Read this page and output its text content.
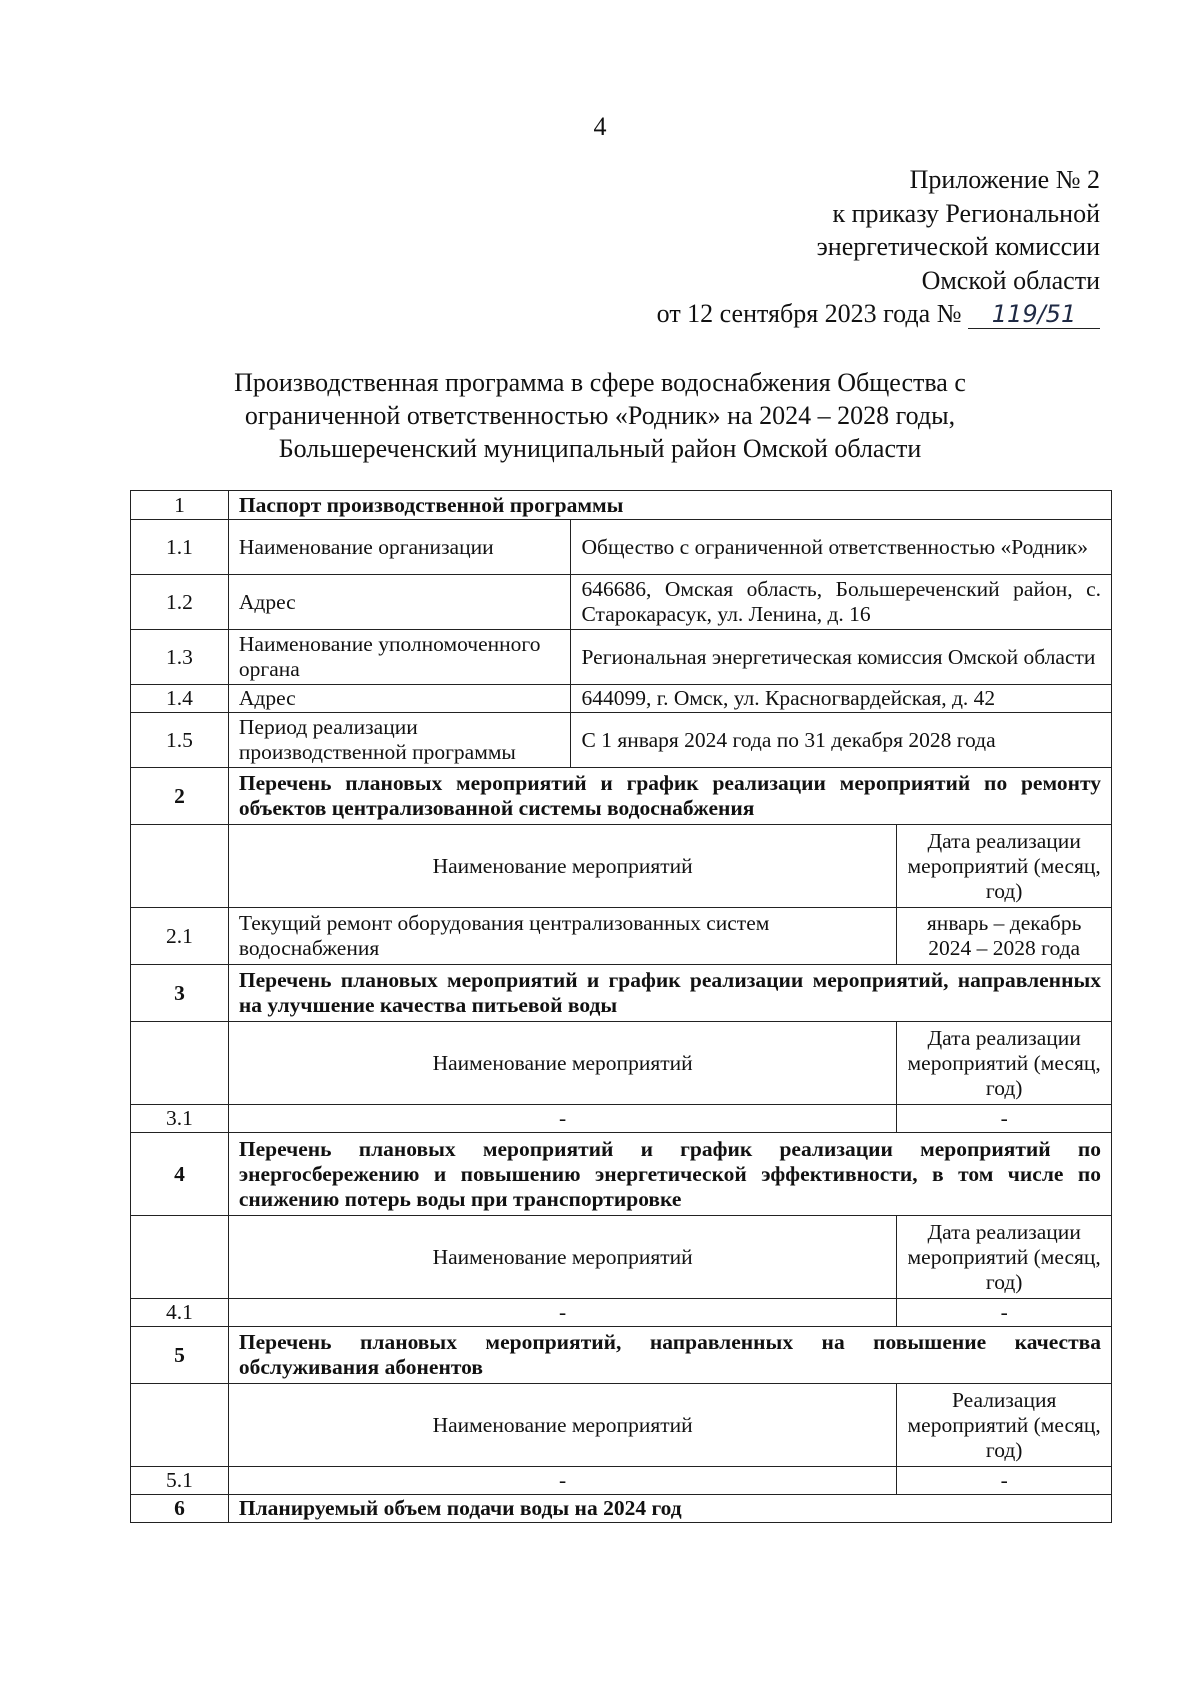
4
Приложение № 2
к приказу Региональной
энергетической комиссии
Омской области
от 12 сентября 2023 года № 119/51
Производственная программа в сфере водоснабжения Общества с
ограниченной ответственностью «Родник» на 2024 – 2028 годы,
Большереченский муниципальный район Омской области
1	Паспорт производственной программы		
1.1	Наименование организации	Общество с ограниченной ответственностью «Родник»	
1.2	Адрес	646686, Омская область, Большереченский район, с. Старокарасук, ул. Ленина, д. 16	
1.3	Наименование уполномоченного органа	Региональная энергетическая комиссия Омской области	
1.4	Адрес	644099, г. Омск, ул. Красногвардейская, д. 42	
1.5	Период реализации производственной программы	С 1 января 2024 года по 31 декабря 2028 года	
2	Перечень плановых мероприятий и график реализации мероприятий по ремонту объектов централизованной системы водоснабжения		
	Наименование мероприятий		Дата реализации мероприятий (месяц, год)
2.1	Текущий ремонт оборудования централизованных систем водоснабжения		январь – декабрь 2024 – 2028 года
3	Перечень плановых мероприятий и график реализации мероприятий, направленных на улучшение качества питьевой воды		
	Наименование мероприятий		Дата реализации мероприятий (месяц, год)
3.1	-		-
4	Перечень плановых мероприятий и график реализации мероприятий по энергосбережению и повышению энергетической эффективности, в том числе по снижению потерь воды при транспортировке		
	Наименование мероприятий		Дата реализации мероприятий (месяц, год)
4.1	-		-
5	Перечень плановых мероприятий, направленных на повышение качества обслуживания абонентов		
	Наименование мероприятий		Реализация мероприятий (месяц, год)
5.1	-		-
6	Планируемый объем подачи воды на 2024 год		
